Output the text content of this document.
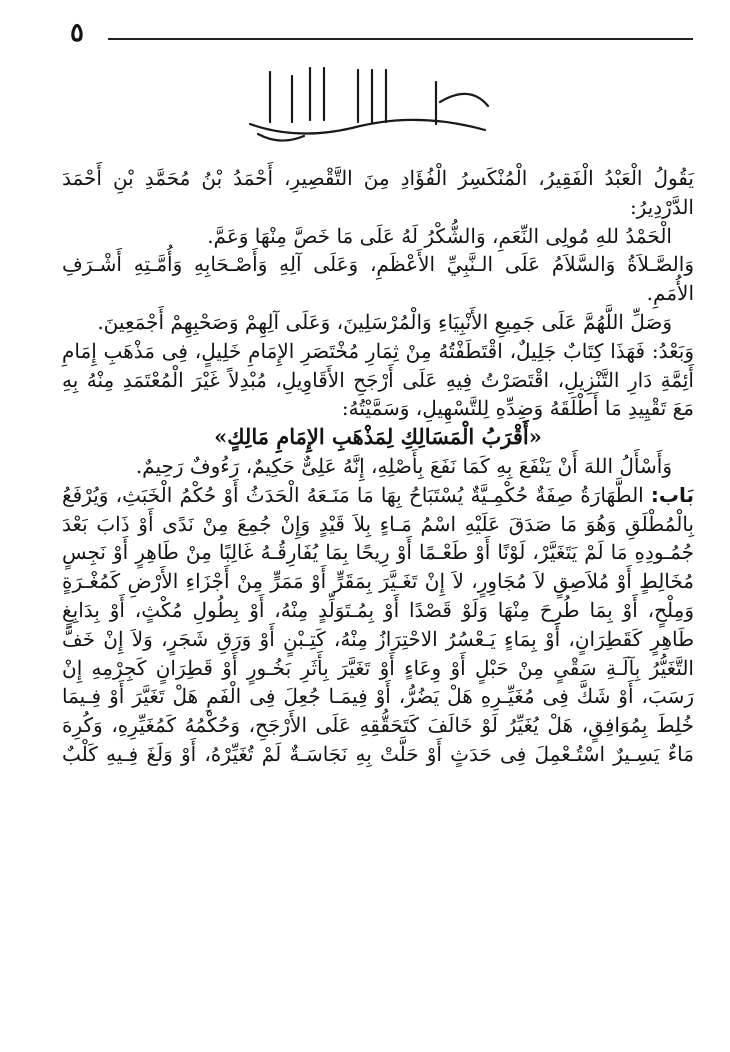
٥

يَقُولُ الْعَبْدُ الْفَقِيرُ، الْمُنْكَسِرُ الْفُؤَادِ مِنَ التَّقْصِيرِ، أَحْمَدُ بْنُ مُحَمَّدِ بْنِ أَحْمَدَ الدَّرْدِيرُ:

الْحَمْدُ للهِ مُولِى النِّعَمِ، وَالشُّكْرُ لَهُ عَلَى مَا خَصَّ مِنْهَا وَعَمَّ.

وَالصَّـلاَةُ وَالسَّلاَمُ عَلَى الـنَّبِيِّ الأَعْظَمِ، وَعَلَى آلِهِ وَأَصْـحَابِهِ وَأُمَّـتِهِ أَشْـرَفِ الأُمَمِ.

وَصَلِّ اللَّهُمَّ عَلَى جَمِيعِ الأَنْبِيَاءِ وَالْمُرْسَلِينَ، وَعَلَى آلِهِمْ وَصَحْبِهِمْ أَجْمَعِينَ.

وَبَعْدُ: فَهَذَا كِتَابٌ جَلِيلٌ، اقْتَطَفْتُهُ مِنْ ثِمَارِ مُخْتَصَرِ الإِمَامِ خَلِيلٍ، فِى مَذْهَبِ إِمَامِ أَئِمَّةِ دَارِ التَّنْزِيلِ، اقْتَصَرْتُ فِيهِ عَلَى أَرْجَحِ الأَقَاوِيلِ، مُبْدِلاً غَيْرَ الْمُعْتَمَدِ مِنْهُ بِهِ مَعَ تَقْيِيدِ مَا أَطْلَقَهُ وَضِدِّهِ لِلتَّسْهِيلِ، وَسَمَّيْتُهُ:

«أَقْرَبُ الْمَسَالِكِ لِمَذْهَبِ الإِمَامِ مَالِكٍ»

وَأَسْأَلُ اللهَ أَنْ يَنْفَعَ بِهِ كَمَا نَفَعَ بِأَصْلِهِ، إِنَّهُ عَلِىٌّ حَكِيمٌ، رَءُوفٌ رَحِيمٌ.

بَاب: الطَّهَارَةُ صِفَةٌ حُكْمِـيَّةٌ يُسْتَبَاحُ بِهَا مَا مَنَـعَهُ الْحَدَثُ أَوْ حُكْمُ الْخَبَثِ، وَيُرْفَعُ بِالْمُطْلَقِ وَهُوَ مَا صَدَقَ عَلَيْهِ اسْمُ مَـاءٍ بِلاَ قَيْدٍ وَإِنْ جُمِعَ مِنْ نَدًى أَوْ ذَابَ بَعْدَ جُمُـودِهِ مَا لَمْ يَتَغَيَّرْ، لَوْنًا أَوْ طَعْـمًا أَوْ رِيحًا بِمَا يُفَارِقُـهُ غَالِبًا مِنْ طَاهِرٍ أَوْ نَجِسٍ مُخَالِطٍ أَوْ مُلاَصِقٍ لاَ مُجَاوِرٍ، لاَ إِنْ تَغَـيَّرَ بِمَقَرٍّ أَوْ مَمَرٍّ مِنْ أَجْزَاءِ الأَرْضِ كَمُغْـرَةٍ وَمِلْحٍ، أَوْ بِمَا طُرِحَ مِنْهَا وَلَوْ قَصْدًا أَوْ بِمُـتَوَلِّدٍ مِنْهُ، أَوْ بِطُولِ مُكْثٍ، أَوْ بِدَابِغٍ طَاهِرٍ كَقَطِرَانٍ، أَوْ بِمَاءٍ يَـعْسُرُ الاحْتِرَازُ مِنْهُ، كَتِـبْنٍ أَوْ وَرَقِ شَجَرٍ، وَلاَ إِنْ خَفَّ التَّغَيُّرُ بِآلَـةِ سَقْىٍ مِنْ حَبْلٍ أَوْ وِعَاءٍ أَوْ تَغَيَّرَ بِأَثَرِ بَخُـورٍ أَوْ قَطِرَانٍ كَجِرْمِهِ إِنْ رَسَبَ، أَوْ شَكَّ فِى مُغَيِّـرِهِ هَلْ يَضُرُّ، أَوْ فِيمَـا جُعِلَ فِى الْفَمِ هَلْ تَغَيَّرَ أَوْ فِـيمَا خُلِطَ بِمُوَافِقٍ، هَلْ يُغَيِّرُ لَوْ خَالَفَ كَتَحَقُّقِهِ عَلَى الأَرْجَحِ، وَحُكْمُهُ كَمُغَيِّرِهِ، وَكُرِهَ مَاءٌ يَسِـيرٌ اسْتُـعْمِلَ فِى حَدَثٍ أَوْ حَلَّتْ بِهِ نَجَاسَـةٌ لَمْ تُغَيِّرْهُ، أَوْ وَلَغَ فِـيهِ كَلْبٌ
